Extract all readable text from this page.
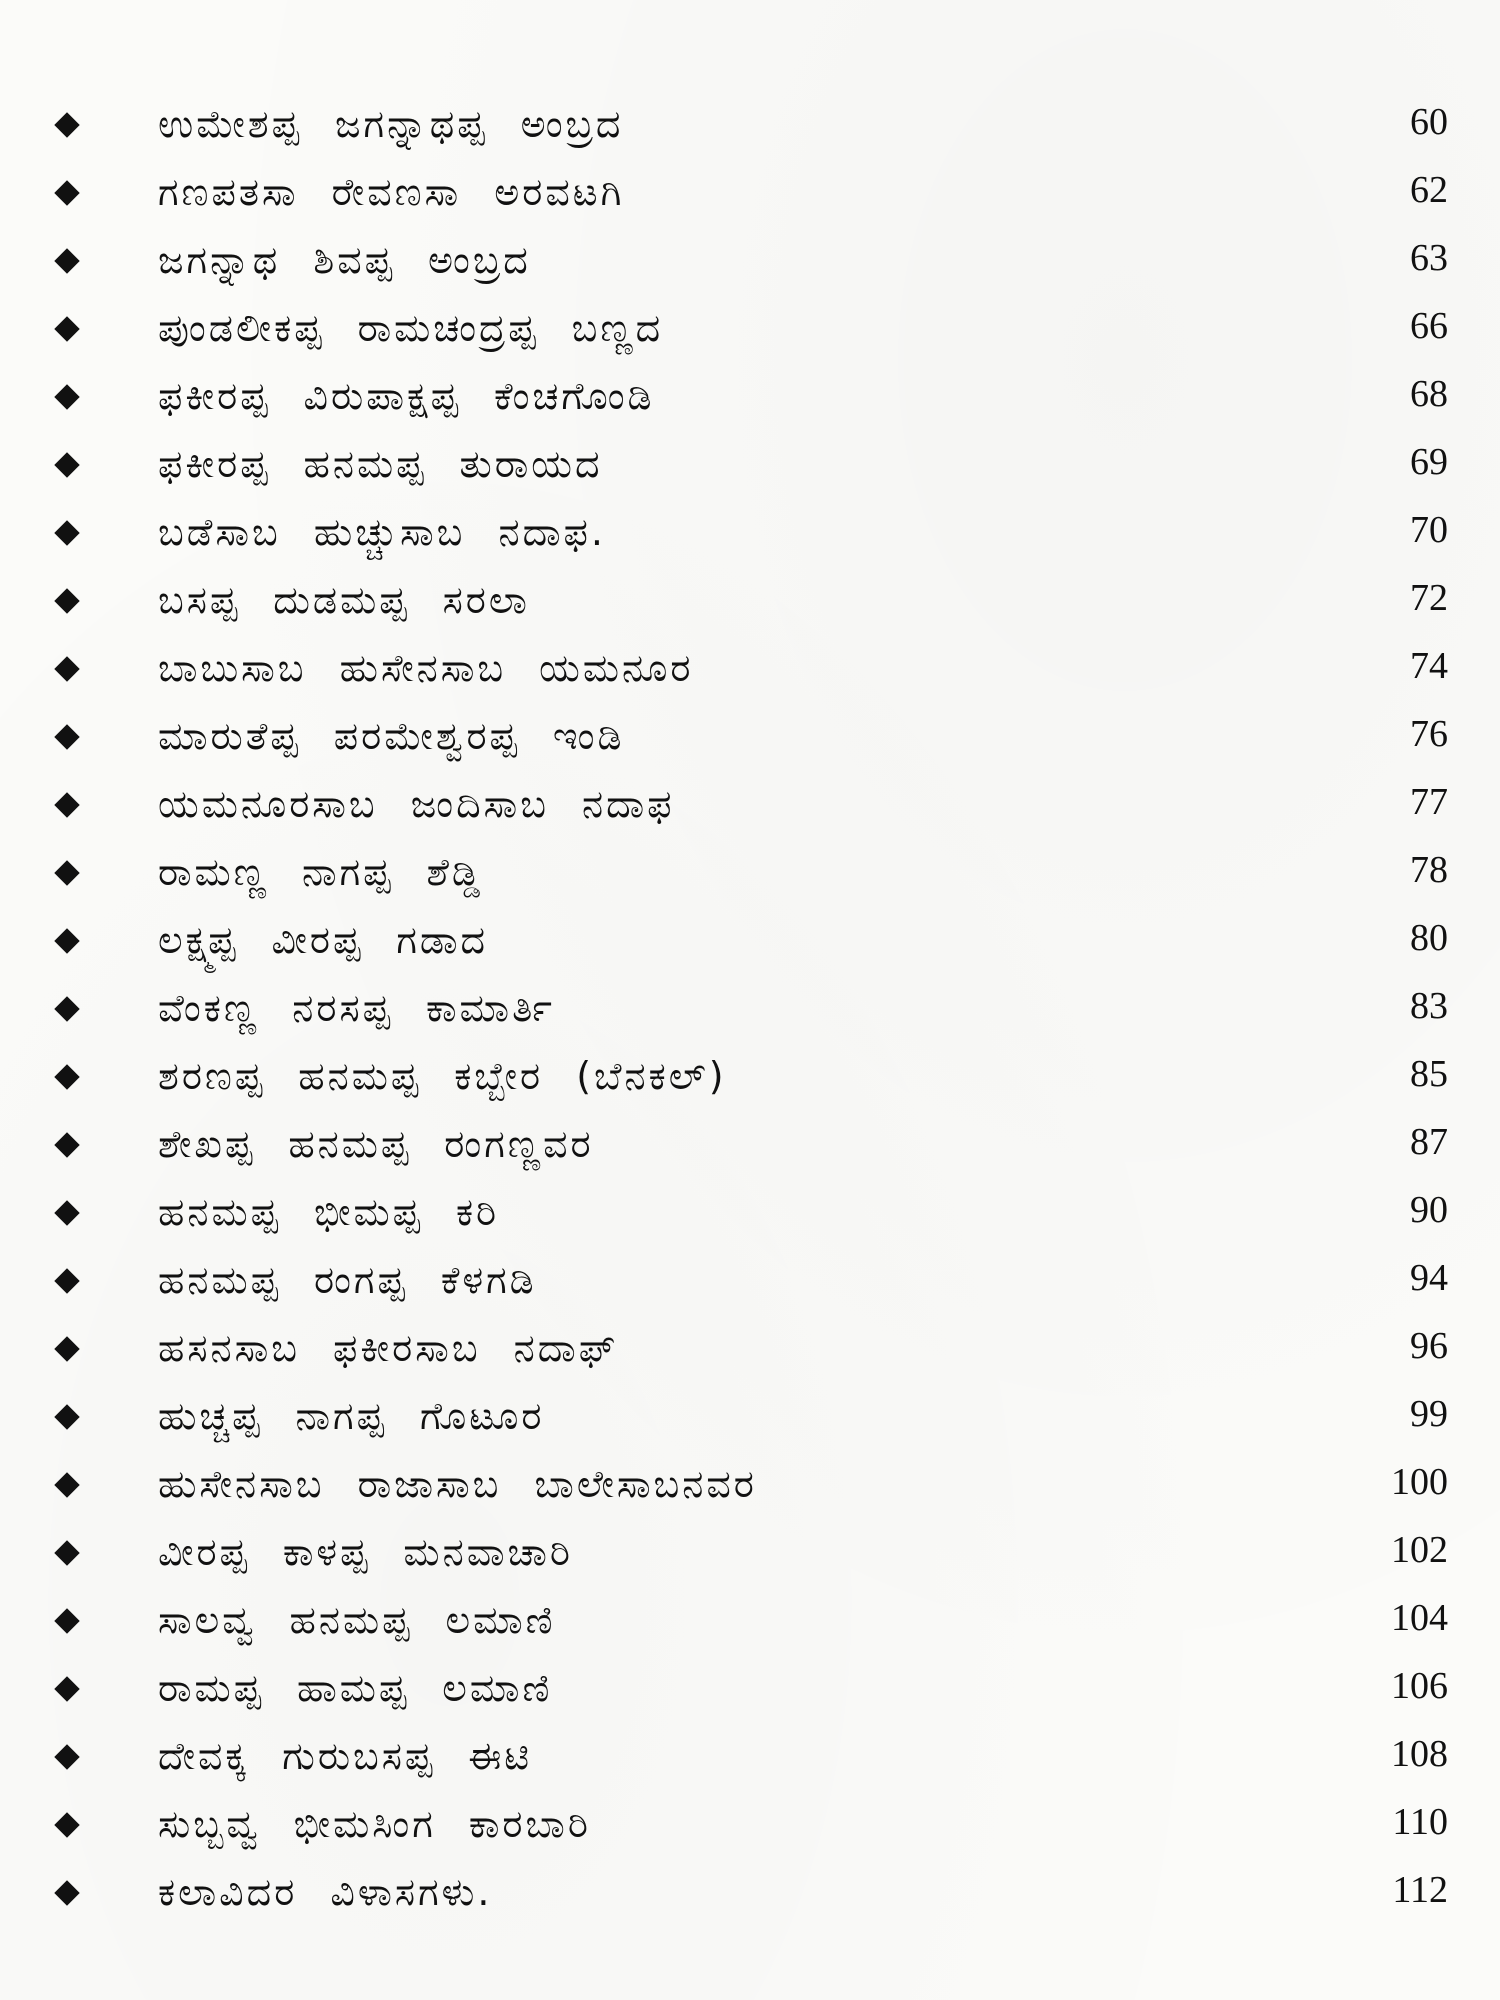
ಉಮೇಶಪ್ಪ ಜಗನ್ನಾಥಪ್ಪ ಅಂಬ್ರದ	60
ಗಣಪತಸಾ ರೇವಣಸಾ ಅರವಟಗಿ	62
ಜಗನ್ನಾಥ ಶಿವಪ್ಪ ಅಂಬ್ರದ	63
ಪುಂಡಲೀಕಪ್ಪ ರಾಮಚಂದ್ರಪ್ಪ ಬಣ್ಣದ	66
ಫಕೀರಪ್ಪ ವಿರುಪಾಕ್ಷಪ್ಪ ಕೆಂಚಗೊಂಡಿ	68
ಫಕೀರಪ್ಪ ಹನಮಪ್ಪ ತುರಾಯದ	69
ಬಡೆಸಾಬ ಹುಚ್ಚುಸಾಬ ನದಾಫ.	70
ಬಸಪ್ಪ ದುಡಮಪ್ಪ ಸರಲಾ	72
ಬಾಬುಸಾಬ ಹುಸೇನಸಾಬ ಯಮನೂರ	74
ಮಾರುತೆಪ್ಪ ಪರಮೇಶ್ವರಪ್ಪ ಇಂಡಿ	76
ಯಮನೂರಸಾಬ ಜಂದಿಸಾಬ ನದಾಫ	77
ರಾಮಣ್ಣ ನಾಗಪ್ಪ ಶೆಡ್ಡಿ	78
ಲಕ್ಷ್ಮಪ್ಪ ವೀರಪ್ಪ ಗಡಾದ	80
ವೆಂಕಣ್ಣ ನರಸಪ್ಪ ಕಾಮಾರ್ತಿ	83
ಶರಣಪ್ಪ ಹನಮಪ್ಪ ಕಬ್ಬೇರ (ಬೆನಕಲ್)	85
ಶೇಖಪ್ಪ ಹನಮಪ್ಪ ರಂಗಣ್ಣವರ	87
ಹನಮಪ್ಪ ಭೀಮಪ್ಪ ಕರಿ	90
ಹನಮಪ್ಪ ರಂಗಪ್ಪ ಕೆಳಗಡಿ	94
ಹಸನಸಾಬ ಫಕೀರಸಾಬ ನದಾಫ್	96
ಹುಚ್ಚಪ್ಪ ನಾಗಪ್ಪ ಗೊಟೂರ	99
ಹುಸೇನಸಾಬ ರಾಜಾಸಾಬ ಬಾಲೇಸಾಬನವರ	100
ವೀರಪ್ಪ ಕಾಳಪ್ಪ ಮನವಾಚಾರಿ	102
ಸಾಲವ್ವ ಹನಮಪ್ಪ ಲಮಾಣಿ	104
ರಾಮಪ್ಪ ಹಾಮಪ್ಪ ಲಮಾಣಿ	106
ದೇವಕ್ಕ ಗುರುಬಸಪ್ಪ ಈಟಿ	108
ಸುಬ್ಬವ್ವ ಭೀಮಸಿಂಗ ಕಾರಬಾರಿ	110
ಕಲಾವಿದರ ವಿಳಾಸಗಳು.	112
